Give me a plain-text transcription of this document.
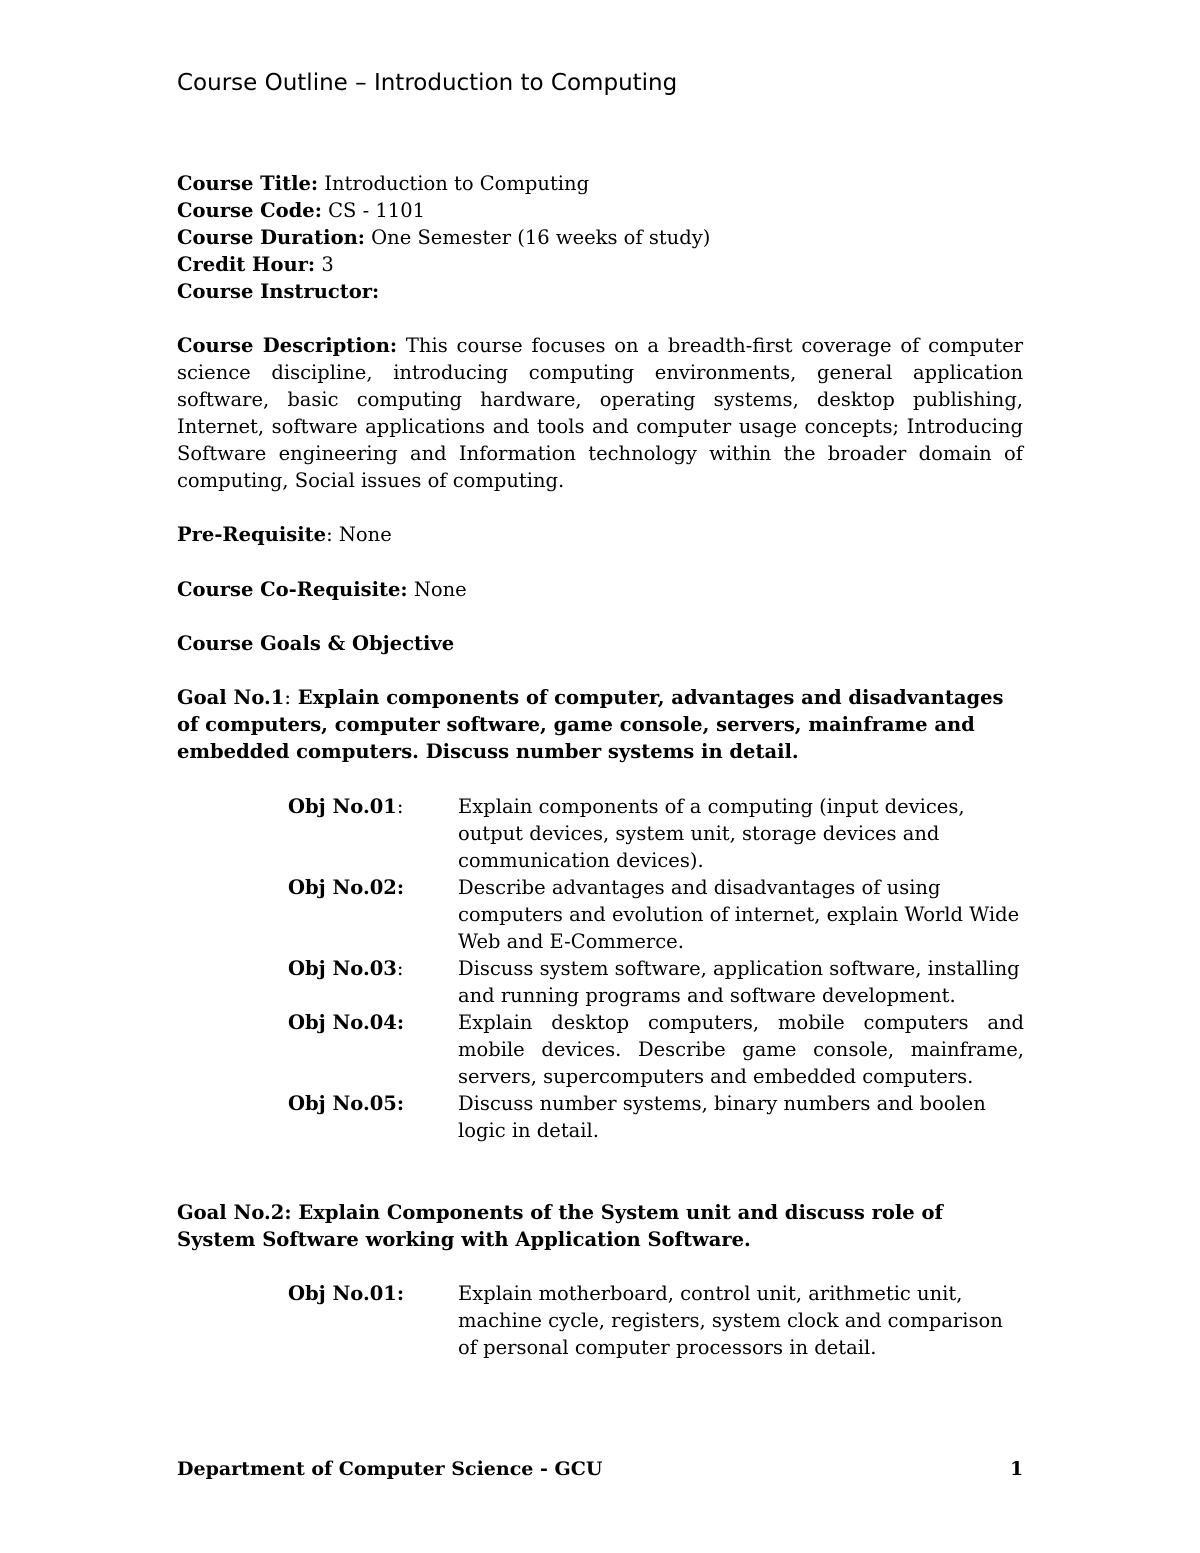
Course Outline – Introduction to Computing
Course Title: Introduction to Computing
Course Code: CS - 1101
Course Duration: One Semester (16 weeks of study)
Credit Hour: 3
Course Instructor:
Course Description: This course focuses on a breadth-first coverage of computer science discipline, introducing computing environments, general application software, basic computing hardware, operating systems, desktop publishing, Internet, software applications and tools and computer usage concepts; Introducing Software engineering and Information technology within the broader domain of computing, Social issues of computing.
Pre-Requisite: None
Course Co-Requisite: None
Course Goals & Objective
Goal No.1: Explain components of computer, advantages and disadvantages of computers, computer software, game console, servers, mainframe and embedded computers. Discuss number systems in detail.
Obj No.01:	Explain components of a computing (input devices, output devices, system unit, storage devices and communication devices).
Obj No.02:	Describe advantages and disadvantages of using computers and evolution of internet, explain World Wide Web and E-Commerce.
Obj No.03:	Discuss system software, application software, installing and running programs and software development.
Obj No.04:	Explain desktop computers, mobile computers and mobile devices. Describe game console, mainframe, servers, supercomputers and embedded computers.
Obj No.05:	Discuss number systems, binary numbers and boolen logic in detail.
Goal No.2: Explain Components of the System unit and discuss role of System Software working with Application Software.
Obj No.01:	Explain motherboard, control unit, arithmetic unit, machine cycle, registers, system clock and comparison of personal computer processors in detail.
Department of Computer Science - GCU	1
